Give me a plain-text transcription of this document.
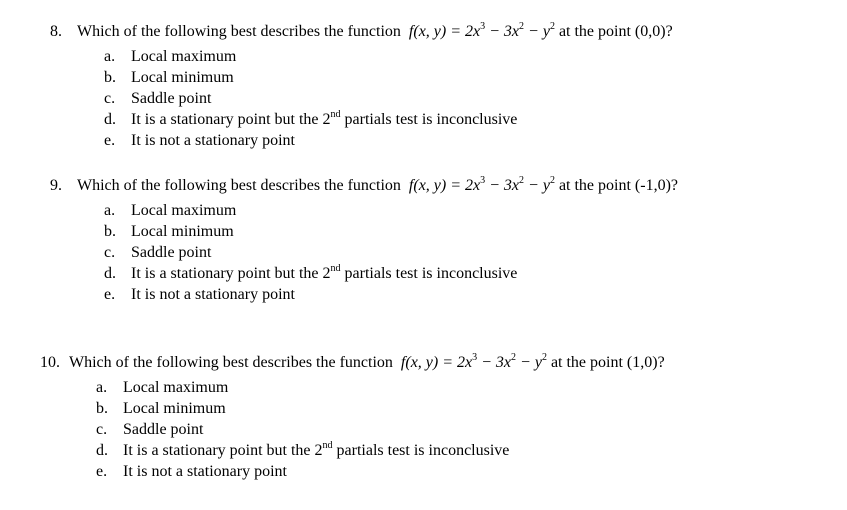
8. Which of the following best describes the function f(x, $y) = 2x^3 - 3x^2 - y^2$ at the point (0,0)?
a. Local maximum
b. Local minimum
c. Saddle point
d. It is a stationary point but the 2nd partials test is inconclusive
e. It is not a stationary point
9. Which of the following best describes the function f(x, $y) = 2x^3 - 3x^2 - y^2$ at the point (-1,0)?
a. Local maximum
b. Local minimum
c. Saddle point
d. It is a stationary point but the 2nd partials test is inconclusive
e. It is not a stationary point
10. Which of the following best describes the function f(x, $y) = 2x^3 - 3x^2 - y^2$ at the point (1,0)?
a. Local maximum
b. Local minimum
c. Saddle point
d. It is a stationary point but the 2nd partials test is inconclusive
e. It is not a stationary point
